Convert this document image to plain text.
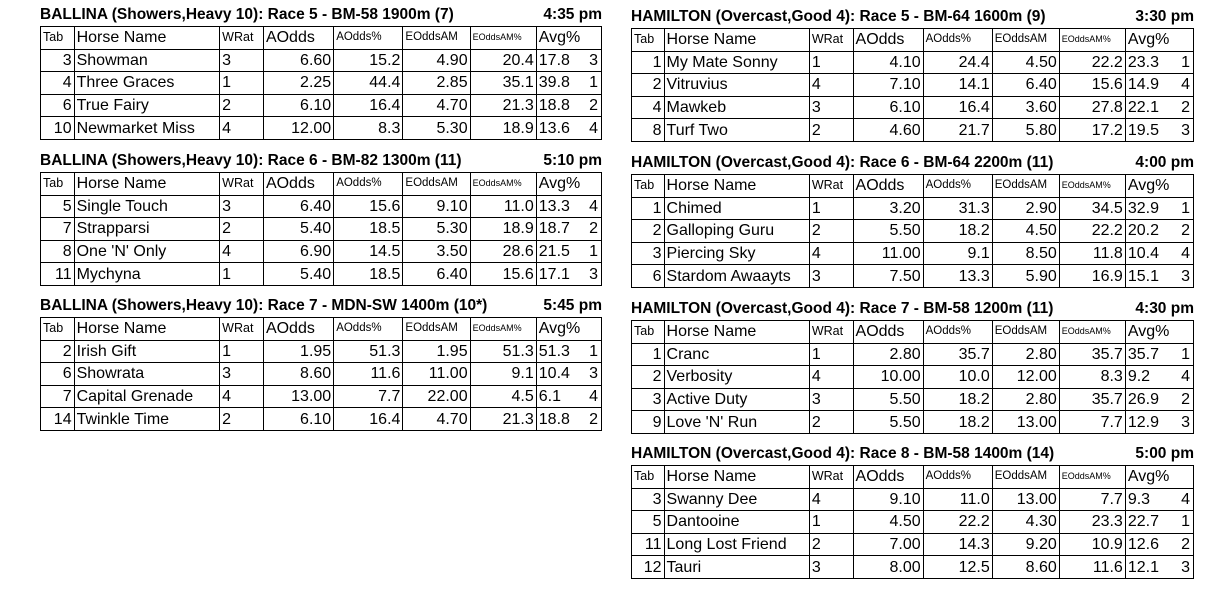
BALLINA (Showers,Heavy 10): Race 5 - BM-58 1900m (7)	4:35 pm
Tab	Horse Name	WRat	AOdds	AOdds%	EOddsAM	EOddsAM%	Avg%	
3	Showman	3	6.60	15.2	4.90	20.4	17.8	3
4	Three Graces	1	2.25	44.4	2.85	35.1	39.8	1
6	True Fairy	2	6.10	16.4	4.70	21.3	18.8	2
10	Newmarket Miss	4	12.00	8.3	5.30	18.9	13.6	4
BALLINA (Showers,Heavy 10): Race 6 - BM-82 1300m (11)	5:10 pm
Tab	Horse Name	WRat	AOdds	AOdds%	EOddsAM	EOddsAM%	Avg%	
5	Single Touch	3	6.40	15.6	9.10	11.0	13.3	4
7	Strapparsi	2	5.40	18.5	5.30	18.9	18.7	2
8	One 'N' Only	4	6.90	14.5	3.50	28.6	21.5	1
11	Mychyna	1	5.40	18.5	6.40	15.6	17.1	3
BALLINA (Showers,Heavy 10): Race 7 - MDN-SW 1400m (10*)	5:45 pm
Tab	Horse Name	WRat	AOdds	AOdds%	EOddsAM	EOddsAM%	Avg%	
2	Irish Gift	1	1.95	51.3	1.95	51.3	51.3	1
6	Showrata	3	8.60	11.6	11.00	9.1	10.4	3
7	Capital Grenade	4	13.00	7.7	22.00	4.5	6.1	4
14	Twinkle Time	2	6.10	16.4	4.70	21.3	18.8	2
HAMILTON (Overcast,Good 4): Race 5 - BM-64 1600m (9)	3:30 pm
Tab	Horse Name	WRat	AOdds	AOdds%	EOddsAM	EOddsAM%	Avg%	
1	My Mate Sonny	1	4.10	24.4	4.50	22.2	23.3	1
2	Vitruvius	4	7.10	14.1	6.40	15.6	14.9	4
4	Mawkeb	3	6.10	16.4	3.60	27.8	22.1	2
8	Turf Two	2	4.60	21.7	5.80	17.2	19.5	3
HAMILTON (Overcast,Good 4): Race 6 - BM-64 2200m (11)	4:00 pm
Tab	Horse Name	WRat	AOdds	AOdds%	EOddsAM	EOddsAM%	Avg%	
1	Chimed	1	3.20	31.3	2.90	34.5	32.9	1
2	Galloping Guru	2	5.50	18.2	4.50	22.2	20.2	2
3	Piercing Sky	4	11.00	9.1	8.50	11.8	10.4	4
6	Stardom Awaayts	3	7.50	13.3	5.90	16.9	15.1	3
HAMILTON (Overcast,Good 4): Race 7 - BM-58 1200m (11)	4:30 pm
Tab	Horse Name	WRat	AOdds	AOdds%	EOddsAM	EOddsAM%	Avg%	
1	Cranc	1	2.80	35.7	2.80	35.7	35.7	1
2	Verbosity	4	10.00	10.0	12.00	8.3	9.2	4
3	Active Duty	3	5.50	18.2	2.80	35.7	26.9	2
9	Love 'N' Run	2	5.50	18.2	13.00	7.7	12.9	3
HAMILTON (Overcast,Good 4): Race 8 - BM-58 1400m (14)	5:00 pm
Tab	Horse Name	WRat	AOdds	AOdds%	EOddsAM	EOddsAM%	Avg%	
3	Swanny Dee	4	9.10	11.0	13.00	7.7	9.3	4
5	Dantooine	1	4.50	22.2	4.30	23.3	22.7	1
11	Long Lost Friend	2	7.00	14.3	9.20	10.9	12.6	2
12	Tauri	3	8.00	12.5	8.60	11.6	12.1	3
